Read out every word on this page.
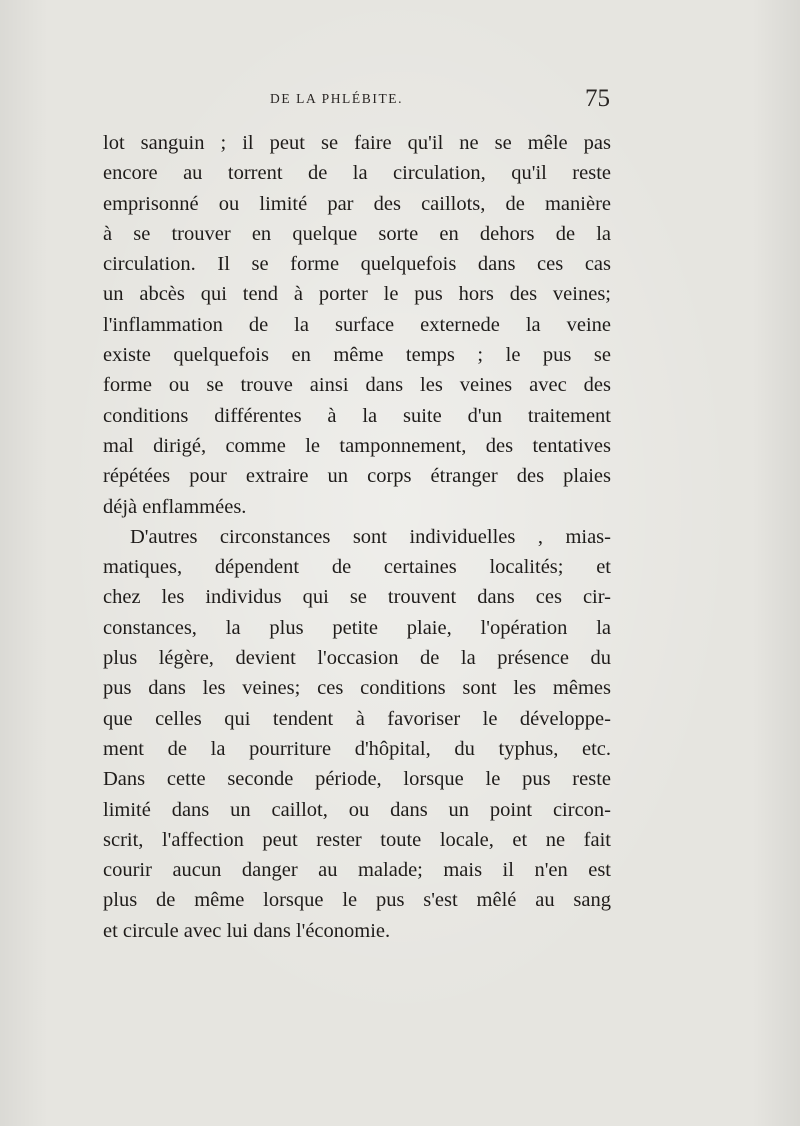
DE LA PHLÉBITE.	75
lot sanguin ; il peut se faire qu'il ne se mêle pas
encore au torrent de la circulation, qu'il reste
emprisonné ou limité par des caillots, de manière
à se trouver en quelque sorte en dehors de la
circulation. Il se forme quelquefois dans ces cas
un abcès qui tend à porter le pus hors des veines;
l'inflammation de la surface externede la veine
existe quelquefois en même temps ; le pus se
forme ou se trouve ainsi dans les veines avec des
conditions différentes à la suite d'un traitement
mal dirigé, comme le tamponnement, des tentatives
répétées pour extraire un corps étranger des plaies
déjà enflammées.
D'autres circonstances sont individuelles , mias-
matiques, dépendent de certaines localités; et
chez les individus qui se trouvent dans ces cir-
constances, la plus petite plaie, l'opération la
plus légère, devient l'occasion de la présence du
pus dans les veines; ces conditions sont les mêmes
que celles qui tendent à favoriser le développe-
ment de la pourriture d'hôpital, du typhus, etc.
Dans cette seconde période, lorsque le pus reste
limité dans un caillot, ou dans un point circon-
scrit, l'affection peut rester toute locale, et ne fait
courir aucun danger au malade; mais il n'en est
plus de même lorsque le pus s'est mêlé au sang
et circule avec lui dans l'économie.
